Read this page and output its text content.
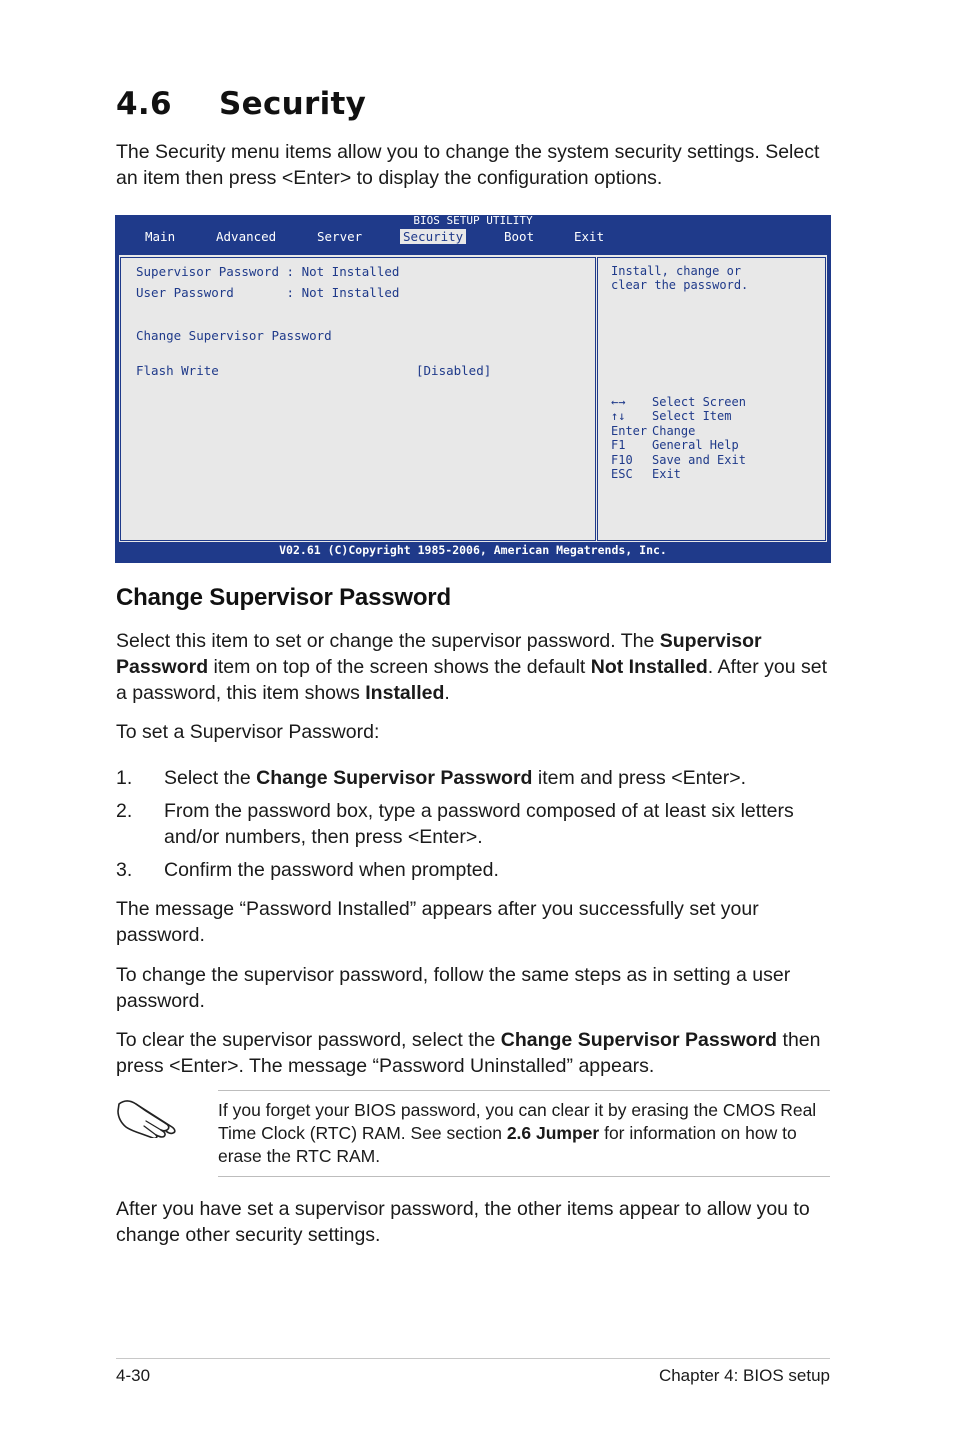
4.6 Security

The Security menu items allow you to change the system security settings. Select an item then press <Enter> to display the configuration options.

BIOS SETUP UTILITY
Main	Advanced	Server	Security	Boot	Exit
Supervisor Password : Not Installed
User Password       : Not Installed
Change Supervisor Password
Flash Write	[Disabled]
Install, change or
clear the password.
←→ Select Screen
↑↓ Select Item
Enter Change
F1 General Help
F10 Save and Exit
ESC Exit
V02.61 (C)Copyright 1985-2006, American Megatrends, Inc.
Change Supervisor Password

Select this item to set or change the supervisor password. The Supervisor Password item on top of the screen shows the default Not Installed. After you set a password, this item shows Installed.

To set a Supervisor Password:

1. Select the Change Supervisor Password item and press <Enter>.

2. From the password box, type a password composed of at least six letters and/or numbers, then press <Enter>.

3. Confirm the password when prompted.

The message “Password Installed” appears after you successfully set your password.

To change the supervisor password, follow the same steps as in setting a user password.

To clear the supervisor password, select the Change Supervisor Password then press <Enter>. The message “Password Uninstalled” appears.

If you forget your BIOS password, you can clear it by erasing the CMOS Real Time Clock (RTC) RAM. See section 2.6 Jumper for information on how to erase the RTC RAM.

After you have set a supervisor password, the other items appear to allow you to change other security settings.

4-30	Chapter 4: BIOS setup
